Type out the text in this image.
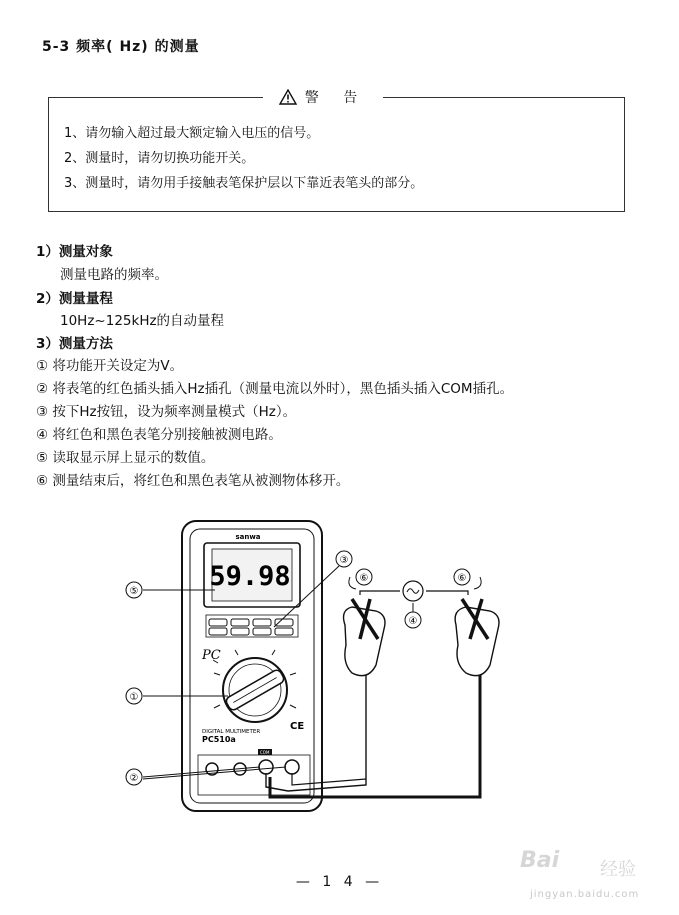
5-3 频率( Hz) 的测量
警 告
1、请勿输入超过最大额定输入电压的信号。
2、测量时，请勿切换功能开关。
3、测量时，请勿用手接触表笔保护层以下靠近表笔头的部分。
1）测量对象
测量电路的频率。
2）测量量程
10Hz~125kHz的自动量程
3）测量方法
① 将功能开关设定为V。
② 将表笔的红色插头插入Hz插孔（测量电流以外时），黑色插头插入COM插孔。
③ 按下Hz按钮，设为频率测量模式（Hz）。
④ 将红色和黑色表笔分别接触被测电路。
⑤ 读取显示屏上显示的数值。
⑥ 测量结束后，将红色和黑色表笔从被测物体移开。
sanwa
59.98
PC
DIGITAL MULTIMETER
PC510a
CE
COM
⑤
③
⑥
④
⑥
①
②
— 1 4 —
Bai 经验
jingyan.baidu.com
